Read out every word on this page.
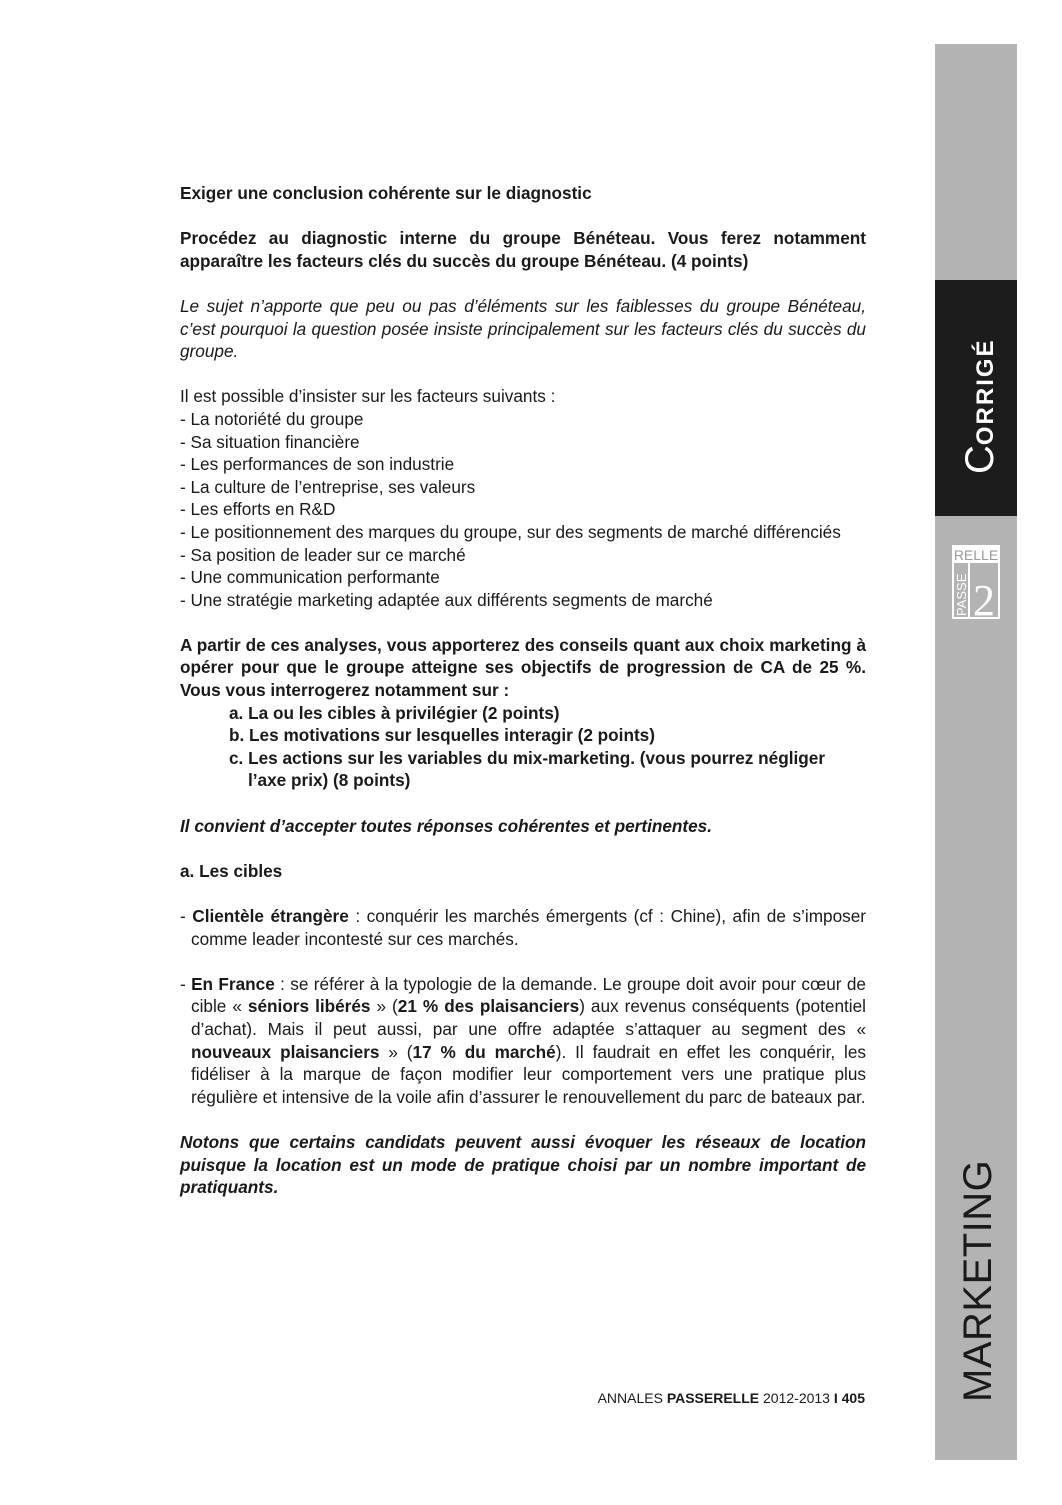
CORRIGÉ
RELLE
PASSE 2
MARKETING

Exiger une conclusion cohérente sur le diagnostic

Procédez au diagnostic interne du groupe Bénéteau. Vous ferez notamment apparaître les facteurs clés du succès du groupe Bénéteau. (4 points)

Le sujet n’apporte que peu ou pas d’éléments sur les faiblesses du groupe Bénéteau, c’est pourquoi la question posée insiste principalement sur les facteurs clés du succès du groupe.

Il est possible d’insister sur les facteurs suivants :

- La notoriété du groupe

- Sa situation financière

- Les performances de son industrie

- La culture de l’entreprise, ses valeurs

- Les efforts en R&D

- Le positionnement des marques du groupe, sur des segments de marché différenciés

- Sa position de leader sur ce marché

- Une communication performante

- Une stratégie marketing adaptée aux différents segments de marché

A partir de ces analyses, vous apporterez des conseils quant aux choix marketing à opérer pour que le groupe atteigne ses objectifs de progression de CA de 25 %. Vous vous interrogerez notamment sur :

a. La ou les cibles à privilégier (2 points)

b. Les motivations sur lesquelles interagir (2 points)

c. Les actions sur les variables du mix-marketing. (vous pourrez négliger l’axe prix) (8 points)

Il convient d’accepter toutes réponses cohérentes et pertinentes.

a. Les cibles

- Clientèle étrangère : conquérir les marchés émergents (cf : Chine), afin de s’imposer comme leader incontesté sur ces marchés.

- En France : se référer à la typologie de la demande. Le groupe doit avoir pour cœur de cible « séniors libérés » (21 % des plaisanciers) aux revenus conséquents (potentiel d’achat). Mais il peut aussi, par une offre adaptée s’attaquer au segment des « nouveaux plaisanciers » (17 % du marché). Il faudrait en effet les conquérir, les fidéliser à la marque de façon modifier leur comportement vers une pratique plus régulière et intensive de la voile afin d’assurer le renouvellement du parc de bateaux par.

Notons que certains candidats peuvent aussi évoquer les réseaux de location puisque la location est un mode de pratique choisi par un nombre important de pratiquants.

ANNALES PASSERELLE 2012-2013 I 405
